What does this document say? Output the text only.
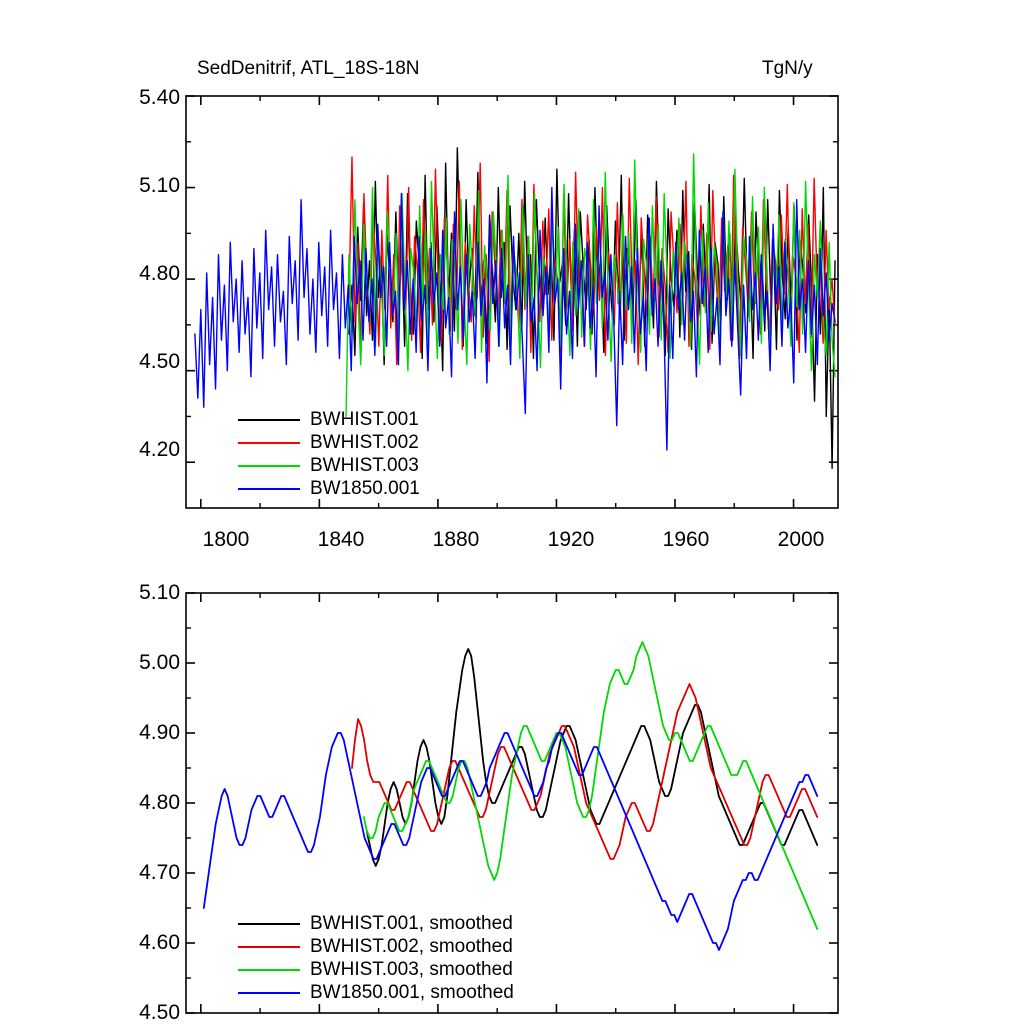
SedDenitrif, ATL_18S-18N	TgN/y
5.40
5.10
4.80
4.50
4.20
1800	1840	1880	1920	1960	2000
BWHIST.001
BWHIST.002
BWHIST.003
BW1850.001
5.10
5.00
4.90
4.80
4.70
4.60
4.50
BWHIST.001, smoothed
BWHIST.002, smoothed
BWHIST.003, smoothed
BW1850.001, smoothed
